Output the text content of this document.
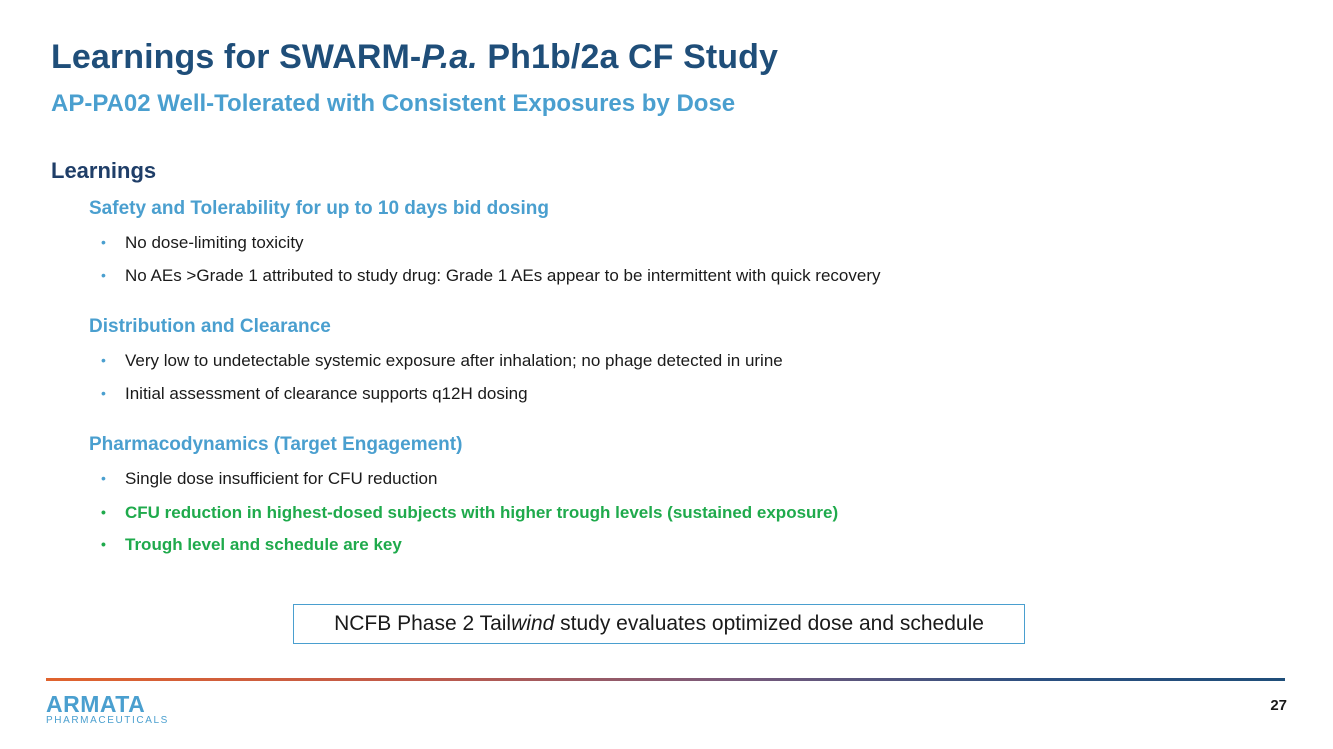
Learnings for SWARM-P.a. Ph1b/2a CF Study
AP-PA02 Well-Tolerated with Consistent Exposures by Dose
Learnings
Safety and Tolerability for up to 10 days bid dosing
• No dose-limiting toxicity
• No AEs >Grade 1 attributed to study drug: Grade 1 AEs appear to be intermittent with quick recovery
Distribution and Clearance
• Very low to undetectable systemic exposure after inhalation; no phage detected in urine
• Initial assessment of clearance supports q12H dosing
Pharmacodynamics (Target Engagement)
• Single dose insufficient for CFU reduction
• CFU reduction in highest-dosed subjects with higher trough levels (sustained exposure)
• Trough level and schedule are key
NCFB Phase 2 Tail wind study evaluates optimized dose and schedule
ARMATA
PHARMACEUTICALS
27
